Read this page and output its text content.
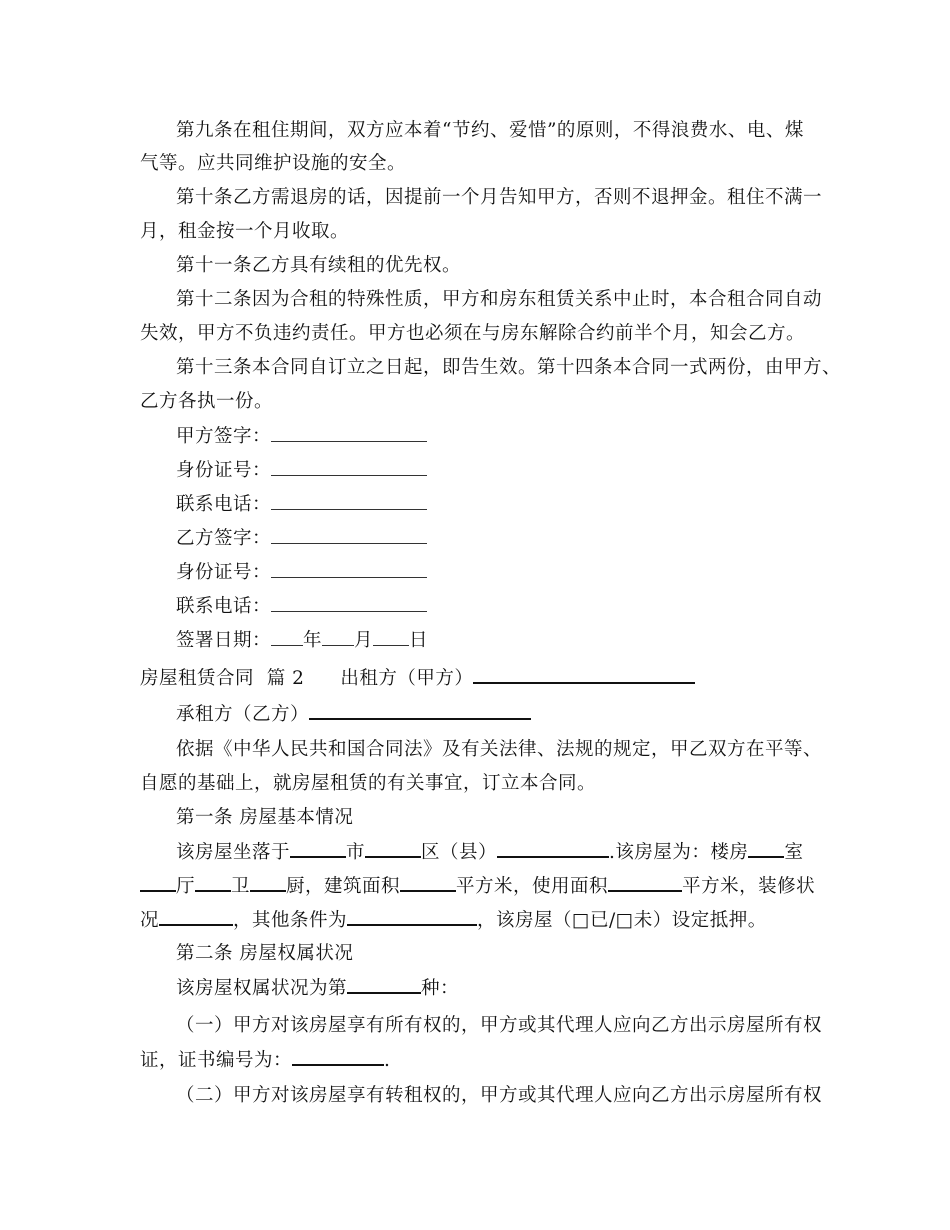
第九条在租住期间，双方应本着“节约、爱惜”的原则，不得浪费水、电、煤
气等。应共同维护设施的安全。
第十条乙方需退房的话，因提前一个月告知甲方，否则不退押金。租住不满一
月，租金按一个月收取。
第十一条乙方具有续租的优先权。
第十二条因为合租的特殊性质，甲方和房东租赁关系中止时，本合租合同自动
失效，甲方不负违约责任。甲方也必须在与房东解除合约前半个月，知会乙方。
第十三条本合同自订立之日起，即告生效。第十四条本合同一式两份，由甲方、
乙方各执一份。
甲方签字：
身份证号：
联系电话：
乙方签字：
身份证号：
联系电话：
签署日期： 年 月 日
房屋租赁合同  篇 2 出租方（甲方）
承租方（乙方）
依据《中华人民共和国合同法》及有关法律、法规的规定，甲乙双方在平等、
自愿的基础上，就房屋租赁的有关事宜，订立本合同。
第一条 房屋基本情况
该房屋坐落于	市	区（县）	.该房屋为：楼房 室
厅 卫 厨，建筑面积	平方米，使用面积	平方米，装修状
况	，其他条件为	，该房屋（□已/□未）设定抵押。
第二条 房屋权属状况
该房屋权属状况为第	种：
（一）甲方对该房屋享有所有权的，甲方或其代理人应向乙方出示房屋所有权
证，证书编号为：	.
（二）甲方对该房屋享有转租权的，甲方或其代理人应向乙方出示房屋所有权
